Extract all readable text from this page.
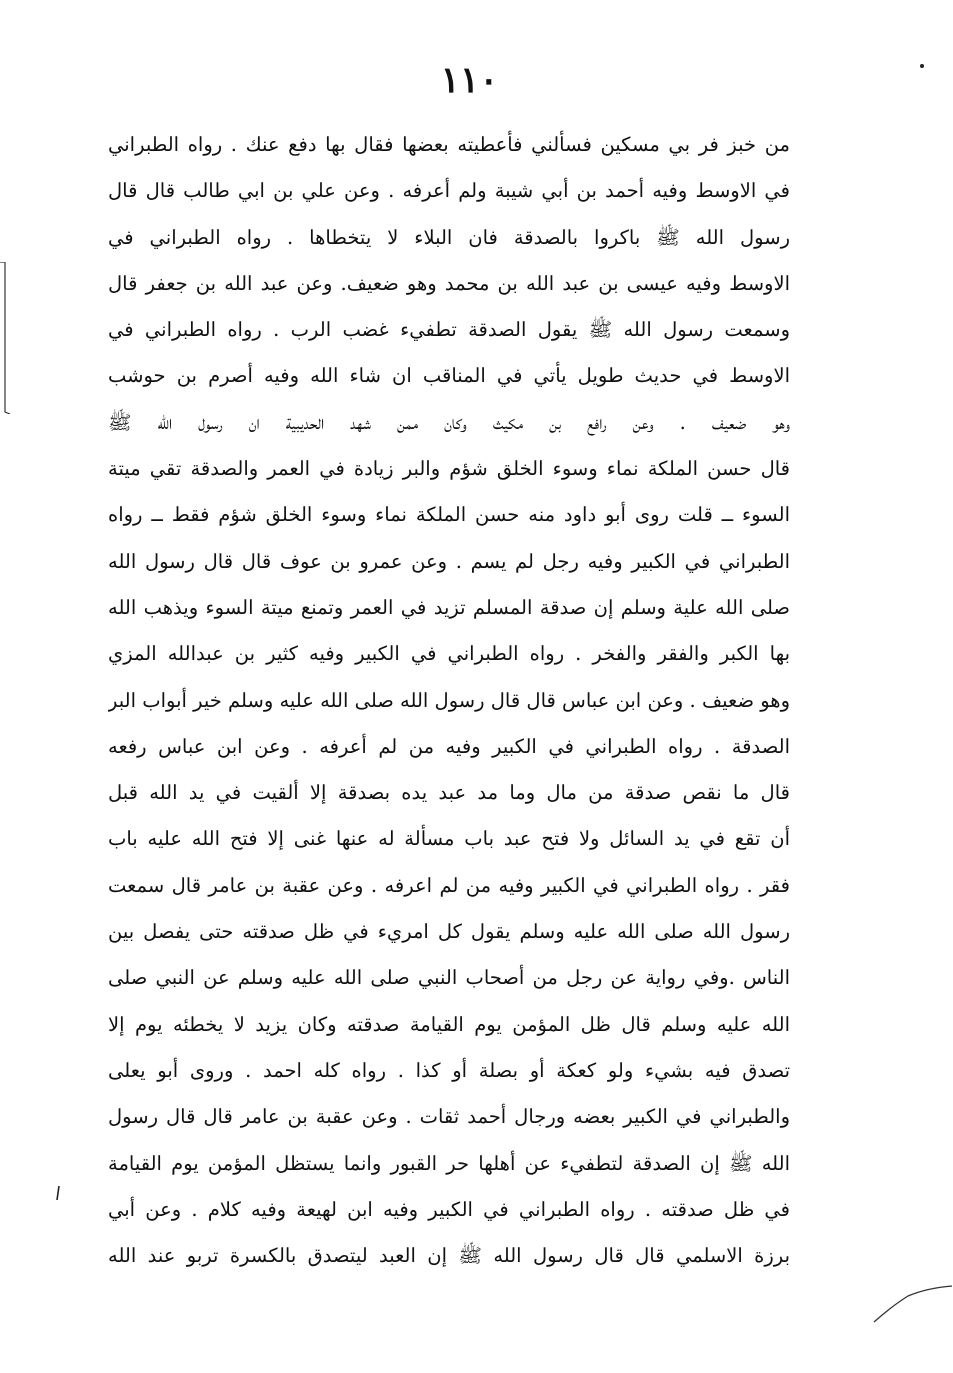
١١٠
من خبز فر بي مسكين فسألني فأعطيته بعضها فقال بها دفع عنك . رواه الطبراني
في الاوسط وفيه أحمد بن أبي شيبة ولم أعرفه . وعن علي بن ابي طالب قال قال
رسول الله ﷺ باكروا بالصدقة فان البلاء لا يتخطاها . رواه الطبراني في
الاوسط وفيه عيسى بن عبد الله بن محمد وهو ضعيف. وعن عبد الله بن جعفر قال
وسمعت رسول الله ﷺ يقول الصدقة تطفيء غضب الرب . رواه الطبراني في
الاوسط في حديث طويل يأتي في المناقب ان شاء الله وفيه أصرم بن حوشب
وهو ضعيف . وعن رافع بن مكيث وكان ممن شهد الحديبية ان رسول الله ﷺ
قال حسن الملكة نماء وسوء الخلق شؤم والبر زيادة في العمر والصدقة تقي ميتة
السوء ــ قلت روى أبو داود منه حسن الملكة نماء وسوء الخلق شؤم فقط ــ رواه
الطبراني في الكبير وفيه رجل لم يسم . وعن عمرو بن عوف قال قال رسول الله
صلى الله علية وسلم إن صدقة المسلم تزيد في العمر وتمنع ميتة السوء ويذهب الله
بها الكبر والفقر والفخر . رواه الطبراني في الكبير وفيه كثير بن عبدالله المزي
وهو ضعيف . وعن ابن عباس قال قال رسول الله صلى الله عليه وسلم خير أبواب البر
الصدقة . رواه الطبراني في الكبير وفيه من لم أعرفه . وعن ابن عباس رفعه
قال ما نقص صدقة من مال وما مد عبد يده بصدقة إلا ألقيت في يد الله قبل
أن تقع في يد السائل ولا فتح عبد باب مسألة له عنها غنى إلا فتح الله عليه باب
فقر . رواه الطبراني في الكبير وفيه من لم اعرفه . وعن عقبة بن عامر قال سمعت
رسول الله صلى الله عليه وسلم يقول كل امريء في ظل صدقته حتى يفصل بين
الناس .وفي رواية عن رجل من أصحاب النبي صلى الله عليه وسلم عن النبي صلى
الله عليه وسلم قال ظل المؤمن يوم القيامة صدقته وكان يزيد لا يخطئه يوم إلا
تصدق فيه بشيء ولو كعكة أو بصلة أو كذا . رواه كله احمد . وروى أبو يعلى
والطبراني في الكبير بعضه ورجال أحمد ثقات . وعن عقبة بن عامر قال قال رسول
الله ﷺ إن الصدقة لتطفيء عن أهلها حر القبور وانما يستظل المؤمن يوم القيامة
في ظل صدقته . رواه الطبراني في الكبير وفيه ابن لهيعة وفيه كلام . وعن أبي
برزة الاسلمي قال قال رسول الله ﷺ إن العبد ليتصدق بالكسرة تربو عند الله
